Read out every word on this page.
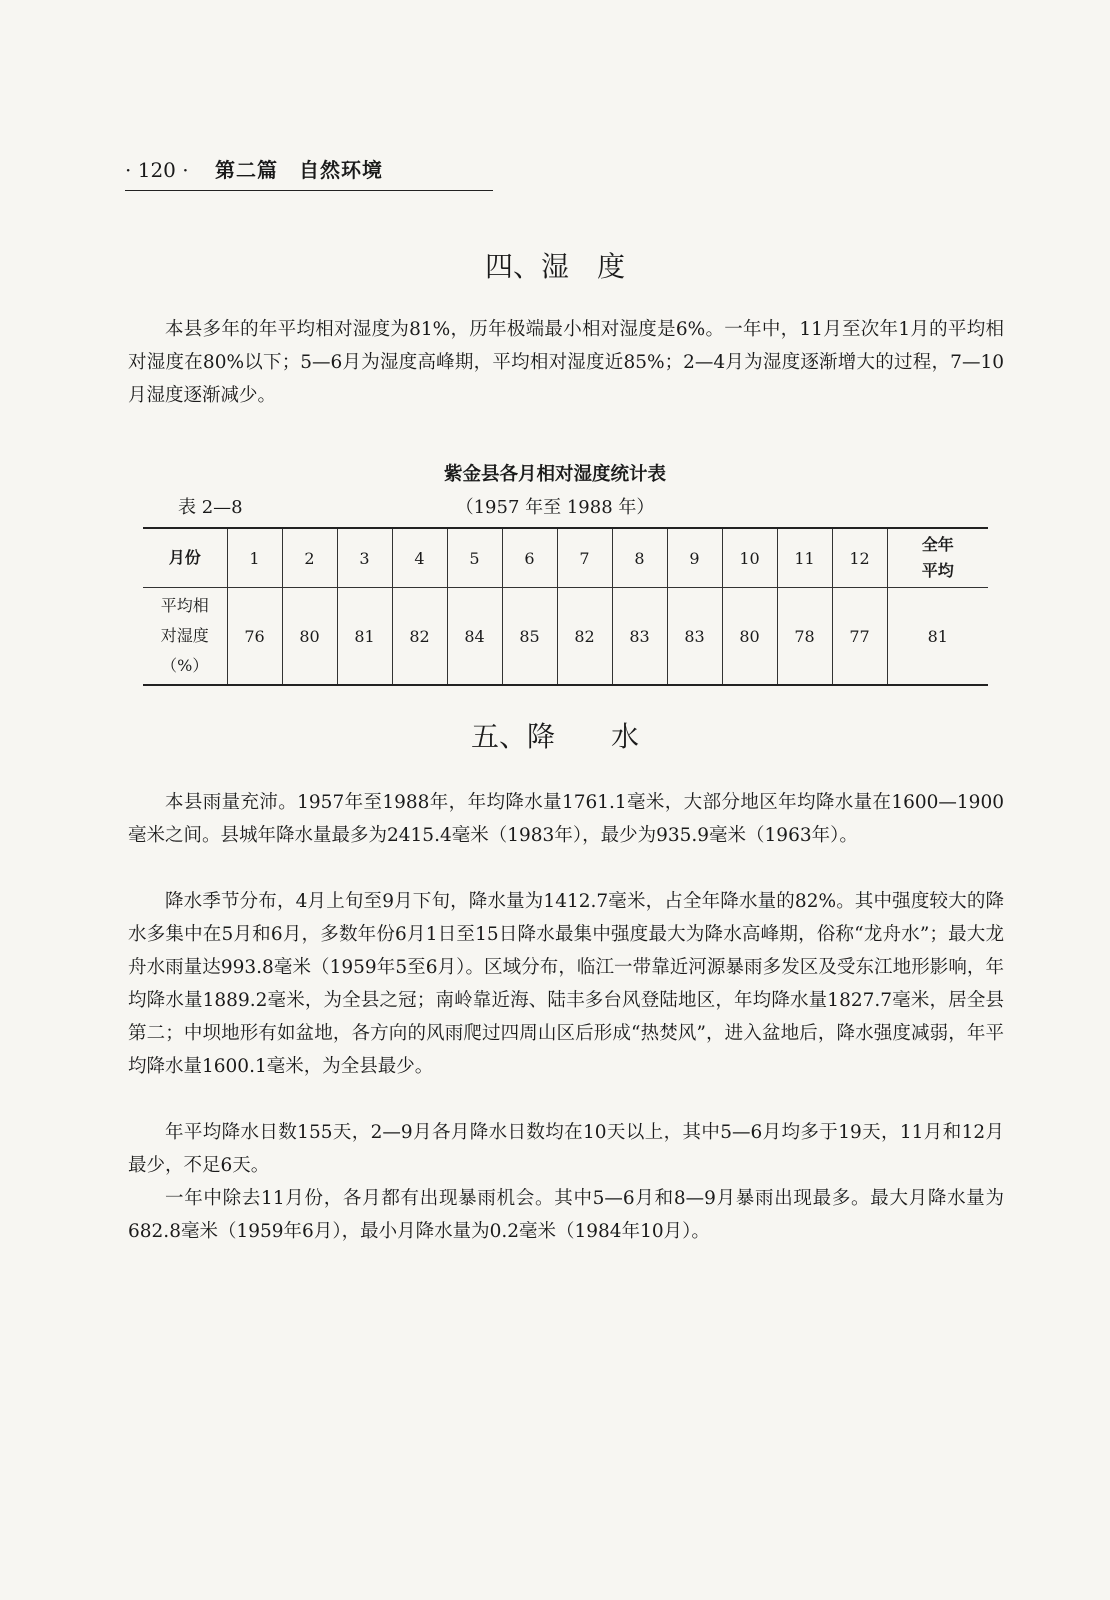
· 120 · 第二篇　自然环境
四、湿　度

本县多年的年平均相对湿度为81%，历年极端最小相对湿度是6%。一年中，11月至次年1月的平均相对湿度在80%以下；5—6月为湿度高峰期，平均相对湿度近85%；2—4月为湿度逐渐增大的过程，7—10月湿度逐渐减少。

紫金县各月相对湿度统计表
表 2—8	（1957 年至 1988 年）
月份	1	2	3	4	5	6	7	8	9	10	11	12	全年
平均

平均相
对湿度
（%）	76	80	81	82	84	85	82	83	83	80	78	77	81
五、降　　水

本县雨量充沛。1957年至1988年，年均降水量1761.1毫米，大部分地区年均降水量在1600—1900毫米之间。县城年降水量最多为2415.4毫米（1983年），最少为935.9毫米（1963年）。

降水季节分布，4月上旬至9月下旬，降水量为1412.7毫米，占全年降水量的82%。其中强度较大的降水多集中在5月和6月，多数年份6月1日至15日降水最集中强度最大为降水高峰期，俗称“龙舟水”；最大龙舟水雨量达993.8毫米（1959年5至6月）。区域分布，临江一带靠近河源暴雨多发区及受东江地形影响，年均降水量1889.2毫米，为全县之冠；南岭靠近海、陆丰多台风登陆地区，年均降水量1827.7毫米，居全县第二；中坝地形有如盆地，各方向的风雨爬过四周山区后形成“热焚风”，进入盆地后，降水强度减弱，年平均降水量1600.1毫米，为全县最少。

年平均降水日数155天，2—9月各月降水日数均在10天以上，其中5—6月均多于19天，11月和12月最少，不足6天。

一年中除去11月份，各月都有出现暴雨机会。其中5—6月和8—9月暴雨出现最多。最大月降水量为682.8毫米（1959年6月），最小月降水量为0.2毫米（1984年10月）。
